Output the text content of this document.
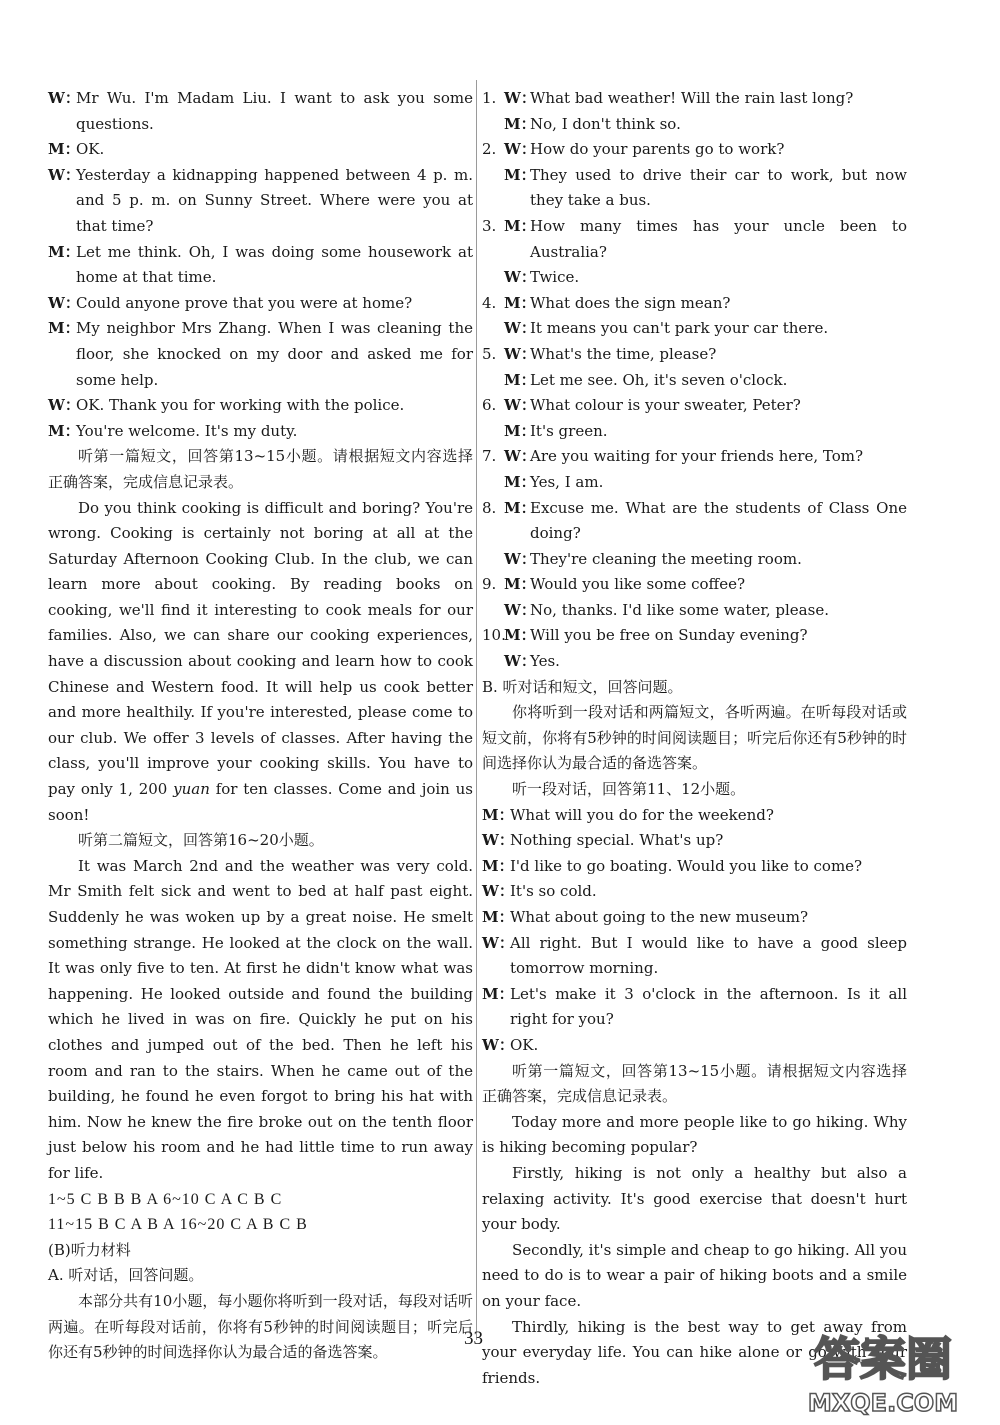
W：
Mr Wu. I'm Madam Liu. I want to ask you some questions.
M：
OK.
W：
Yesterday a kidnapping happened between 4 p. m. and 5 p. m. on Sunny Street. Where were you at that time?
M：
Let me think. Oh, I was doing some housework at home at that time.
W：
Could anyone prove that you were at home?
M：
My neighbor Mrs Zhang. When I was cleaning the floor, she knocked on my door and asked me for some help.
W：
OK. Thank you for working with the police.
M：
You're welcome. It's my duty.

听第一篇短文，回答第13~15小题。请根据短文内容选择正确答案，完成信息记录表。

Do you think cooking is difficult and boring? You're wrong. Cooking is certainly not boring at all at the Saturday Afternoon Cooking Club. In the club, we can learn more about cooking. By reading books on cooking, we'll find it interesting to cook meals for our families. Also, we can share our cooking experiences, have a discussion about cooking and learn how to cook Chinese and Western food. It will help us cook better and more healthily. If you're interested, please come to our club. We offer 3 levels of classes. After having the class, you'll improve your cooking skills. You have to pay only 1, 200 yuan for ten classes. Come and join us soon!

听第二篇短文，回答第16~20小题。

It was March 2nd and the weather was very cold. Mr Smith felt sick and went to bed at half past eight. Suddenly he was woken up by a great noise. He smelt something strange. He looked at the clock on the wall. It was only five to ten. At first he didn't know what was happening. He looked outside and found the building which he lived in was on fire. Quickly he put on his clothes and jumped out of the bed. Then he left his room and ran to the stairs. When he came out of the building, he found he even forgot to bring his hat with him. Now he knew the fire broke out on the tenth floor just below his room and he had little time to run away for life.

1~5 C B B B A 6~10 C A C B C

11~15 B C A B A 16~20 C A B C B

(B)听力材料

A. 听对话，回答问题。

本部分共有10小题，每小题你将听到一段对话，每段对话听两遍。在听每段对话前，你将有5秒钟的时间阅读题目；听完后你还有5秒钟的时间选择你认为最合适的备选答案。

1. W：
What bad weather! Will the rain last long?
M：
No, I don't think so.
2. W：
How do your parents go to work?
M：
They used to drive their car to work, but now they take a bus.
3. M：
How many times has your uncle been to Australia?
W：
Twice.
4. M：
What does the sign mean?
W：
It means you can't park your car there.
5. W：
What's the time, please?
M：
Let me see. Oh, it's seven o'clock.
6. W：
What colour is your sweater, Peter?
M：
It's green.
7. W：
Are you waiting for your friends here, Tom?
M：
Yes, I am.
8. M：
Excuse me. What are the students of Class One doing?
W：
They're cleaning the meeting room.
9. M：
Would you like some coffee?
W：
No, thanks. I'd like some water, please.
10.
M：
Will you be free on Sunday evening?
W：
Yes.

B. 听对话和短文，回答问题。

你将听到一段对话和两篇短文，各听两遍。在听每段对话或短文前，你将有5秒钟的时间阅读题目；听完后你还有5秒钟的时间选择你认为最合适的备选答案。

听一段对话，回答第11、12小题。

M：
What will you do for the weekend?
W：
Nothing special. What's up?
M：
I'd like to go boating. Would you like to come?
W：
It's so cold.
M：
What about going to the new museum?
W：
All right. But I would like to have a good sleep tomorrow morning.
M：
Let's make it 3 o'clock in the afternoon. Is it all right for you?
W：
OK.

听第一篇短文，回答第13~15小题。请根据短文内容选择正确答案，完成信息记录表。

Today more and more people like to go hiking. Why is hiking becoming popular?

Firstly, hiking is not only a healthy but also a relaxing activity. It's good exercise that doesn't hurt your body.

Secondly, it's simple and cheap to go hiking. All you need to do is to wear a pair of hiking boots and a smile on your face.

Thirdly, hiking is the best way to get away from your everyday life. You can hike alone or go with your friends.

33	答案圈
MXQE.COM
